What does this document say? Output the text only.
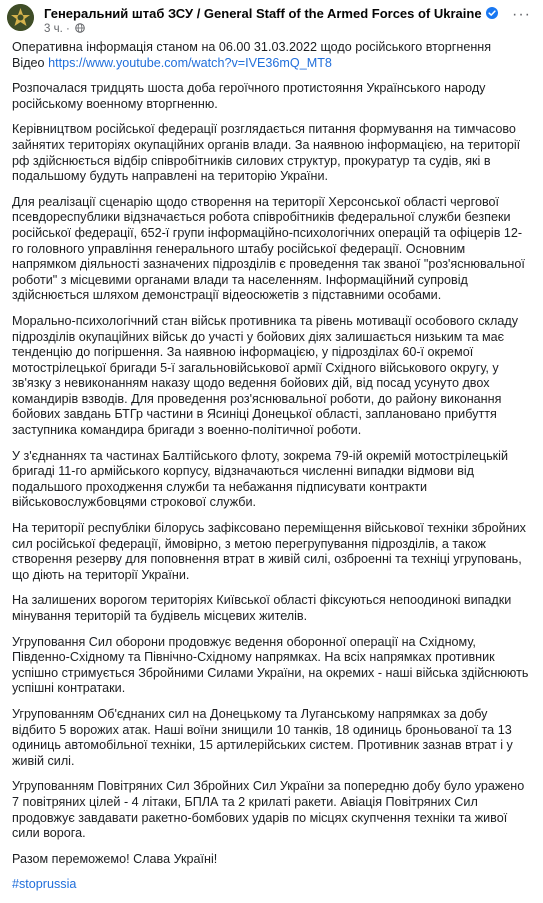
Генеральний штаб ЗСУ / General Staff of the Armed Forces of Ukraine
3 ч. ·
···

Оперативна інформація станом на 06.00 31.03.2022 щодо російського вторгнення
Відео https://www.youtube.com/watch?v=IVE36mQ_MT8

Розпочалася тридцять шоста доба героїчного протистояння Українського народу російському военному вторгненню.

Керівництвом російської федерації розглядається питання формування на тимчасово зайнятих територіях окупаційних органів влади. За наявною інформацією, на території рф здійснюється відбір співробітників силових структур, прокуратур та судів, які в подальшому будуть направлені на територію України.

Для реалізації сценарію щодо створення на території Херсонської області чергової псевдореспублики відзначається робота співробітників федеральної служби безпеки російської федерації, 652-ї групи інформаційно-психологічних операцій та офіцерів 12-го головного управління генерального штабу російської федерації. Основним напрямком діяльності зазначених підрозділів є проведення так званої "роз'яснювальної роботи" з місцевими органами влади та населенням. Інформаційний супровід здійснюється шляхом демонстрації відеосюжетів з підставними особами.

Морально-психологічний стан військ противника та рівень мотивації особового складу підрозділів окупаційних військ до участі у бойових діях залишається низьким та має тенденцію до погіршення. За наявною інформацією, у підрозділах 60-ї окремої мотострілецької бригади 5-ї загальновійськової армії Східного військового округу, у зв'язку з невиконанням наказу щодо ведення бойових дій, від посад усунуто двох командирів взводів. Для проведення роз'яснювальної роботи, до району виконання бойових завдань БТГр частини в Ясиніці Донецької області, заплановано прибуття заступника командира бригади з военно-політичної роботи.

У з'єднаннях та частинах Балтійського флоту, зокрема 79-ій окремій мотострілецькій бригаді 11-го армійського корпусу, відзначаються численні випадки відмови від подальшого проходження служби та небажання підписувати контракти військовослужбовцями строкової служби.

На території республіки білорусь зафіксовано переміщення військової техніки збройних сил російської федерації, ймовірно, з метою перегрупування підрозділів, а також створення резерву для поповнення втрат в живій силі, озброенні та техніці угруповань, що діють на території України.

На залишених ворогом територіях Київської області фіксуються непоодинокі випадки мінування територій та будівель місцевих жителів.

Угруповання Сил оборони продовжує ведення оборонної операції на Східному, Південно-Східному та Північно-Східному напрямках. На всіх напрямках противник успішно стримується Збройними Силами України, на окремих - наші війська здійснюють успішні контратаки.

Угрупованням Об'єднаних сил на Донецькому та Луганському напрямках за добу відбито 5 ворожих атак. Наші воїни знищили 10 танків, 18 одиниць броньованої та 13 одиниць автомобільної техніки, 15 артилерійських систем. Противник зазнав втрат і у живій силі.

Угрупованням Повітряних Сил Збройних Сил України за попередню добу було уражено 7 повітряних цілей - 4 літаки, БПЛА та 2 крилаті ракети. Авіація Повітряних Сил продовжує завдавати ракетно-бомбових ударів по місцях скупчення техніки та живої сили ворога.

Разом переможемо! Слава Україні!

#stoprussia
